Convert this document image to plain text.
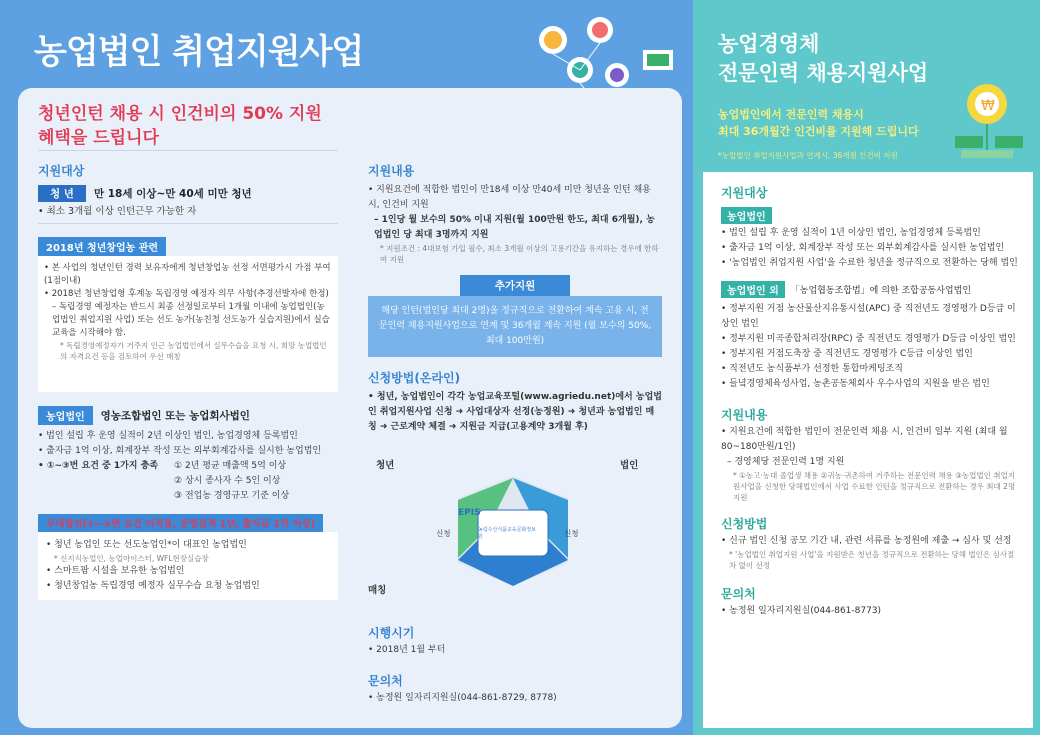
농업법인 취업지원사업
청년인턴 채용 시 인건비의 50% 지원
혜택을 드립니다
지원대상
청 년	만 18세 이상~만 40세 미만 청년
• 최소 3개월 이상 인턴근무 가능한 자
2018년 청년창업농 관련
• 본 사업의 청년인턴 경력 보유자에게 청년창업농 선정 서면평가시 가점 부여(1점이내)
• 2018년 청년창업형 후계농 독립경영 예정자 의무 사항(추경선발자에 한정)
– 독립경영 예정자는 반드시 최종 선정일로부터 1개월 이내에 농업법인(농업법인 취업지원 사업) 또는 선도 농가(농친청 선도농가 실습지원)에서 실습 교육을 시작해야 함.
* 독립경영예정자가 거주지 인근 농업법인에서 실무수습을 요청 시, 희망 농업법인의 자격요건 등을 검토하여 우선 매칭
농업법인	영농조합법인 또는 농업회사법인
• 법인 설립 후 운영 실적이 2년 이상인 법인, 농업경영체 등록법인
• 출자금 1억 이상, 회계장부 작성 또는 외부회계감사를 실시한 농업법인
• ①~③번 요건 중 1가지 충족 ① 2년 평균 매출액 5억 이상
② 상시 종사자 수 5인 이상
③ 전업농 경영규모 기준 이상
우대법인(①~③번 요건 미적용, 운영실적 1년, 출자금 1억 이상)
• 청년 농업인 또는 선도농업인*이 대표인 농업법인
* 신지식농업인, 농업마이스터, WFL현장실습장
• 스마트팜 시설을 보유한 농업법인
• 청년창업농 독립경영 예정자 실무수습 요청 농업법인
지원내용
• 지원요건에 적합한 법인이 만18세 이상 만40세 미만 청년을 인턴 채용 시, 인건비 지원
– 1인당 월 보수의 50% 이내 지원(월 100만원 한도, 최대 6개월), 농업법인 당 최대 3명까지 지원
* 지원조건 : 4대보험 가입 필수, 최소 3개월 이상의 고용기간을 유지하는 경우에 한하여 지원
추가지원
해당 인턴(법인당 최대 2명)을 정규직으로 전환하여 계속 고용 시, 전문인력 채용지원사업으로 연계 및 36개월 계속 지원 (월 보수의 50%, 최대 100만원)
신청방법(온라인)
• 청년, 농업법인이 각각 농업교육포털(www.agriedu.net)에서 농업법인 취업지원사업 신청 ➜ 사업대상자 선정(농정원) ➜ 청년과 농업법인 매칭 ➜ 근로계약 체결 ➜ 지원금 지급(고용계약 3개월 후)
청년	법인
EPIS
농림수산식품교육문화정보원
신청	신청
매칭
시행시기
• 2018년 1월 부터
문의처
• 농정원 일자리지원실(044-861-8729, 8778)
농업경영체
전문인력 채용지원사업
₩
농업법인에서 전문인력 채용시
최대 36개월간 인건비를 지원해 드립니다
*농업법인 취업지원사업과 연계시, 36개월 인건비 지원
지원대상
농업법인
• 법인 설립 후 운영 실적이 1년 이상인 법인, 농업경영체 등록법인
• 출자금 1억 이상, 회계장부 작성 또는 외부회계감사를 실시한 농업법인
• '농업법인 취업지원 사업'을 수료한 청년을 정규직으로 전환하는 당해 법인
농업법인 외	「농업협동조합법」에 의한 조합공동사업법인
• 정부지원 거점 농산물산지유통시설(APC) 중 직전년도 경영평가 D등급 이상인 법인
• 정부지원 미곡종합처리장(RPC) 중 직전년도 경영평가 D등급 이상인 법인
• 정부지원 거점도축장 중 직전년도 경영평가 C등급 이상인 법인
• 직전년도 농식품부가 선정한 통합마케팅조직
• 들녘경영체육성사업, 농촌공동체회사 우수사업의 지원을 받은 법인
지원내용
• 지원요건에 적합한 법인이 전문인력 채용 시, 인건비 일부 지원 (최대 월 80~180만원/1인)
– 경영체당 전문인력 1명 지원
* ①농고·농대 졸업생 채용 ②귀농·귀촌하여 거주하는 전문인력 채용 ③농업법인 취업지원사업을 신청한 당해법인에서 사업 수료한 인턴을 정규직으로 전환하는 경우 최대 2명 지원
신청방법
• 신규 법인 신청 공모 기간 내, 관련 서류를 농정원에 제출 → 심사 및 선정
* '농업법인 취업지원 사업'을 지원받은 청년을 정규직으로 전환하는 당해 법인은 심사절차 없이 선정
문의처
• 농정원 일자리지원실(044-861-8773)
